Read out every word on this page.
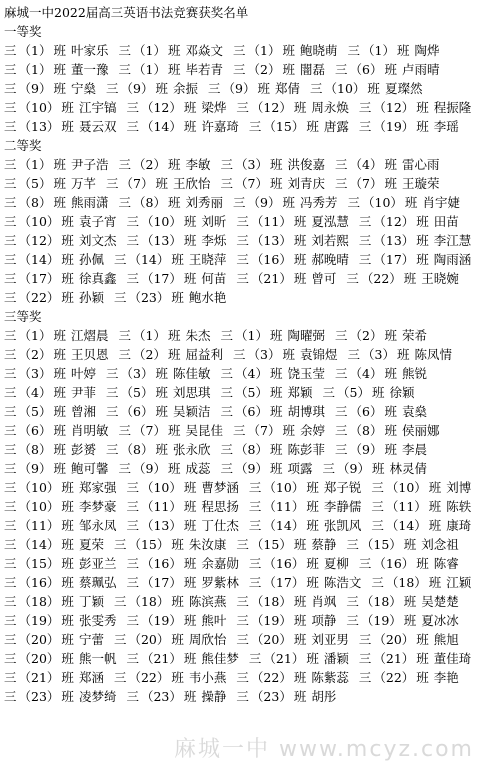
麻城一中2022届高三英语书法竞赛获奖名单
一等奖
三 （1） 班 叶家乐 三 （1） 班 邓焱文 三 （1） 班 鲍晓萌 三 （1） 班 陶烨
三 （1） 班 董一豫 三 （1） 班 毕若青 三 （2） 班 闇磊 三 （6） 班 卢雨晴
三 （9） 班 宁燊 三 （9） 班 余振 三 （9） 班 郑倩 三 （10） 班 夏璨然
三 （10） 班 江宇镐 三 （12） 班 梁烨 三 （12） 班 周永焕 三 （12） 班 程振隆
三 （13） 班 聂云双 三 （14） 班 许嘉琦 三 （15） 班 唐露 三 （19） 班 李瑶
二等奖
三 （1） 班 尹子浩 三 （2） 班 李敏 三 （3） 班 洪俊嘉 三 （4） 班 雷心雨
三 （5） 班 万芊 三 （7） 班 王欣怡 三 （7） 班 刘青庆 三 （7） 班 王璇荣
三 （8） 班 熊雨潇 三 （8） 班 刘秀丽 三 （9） 班 冯秀芳 三 （10） 班 肖宇婕
三 （10） 班 袁子宵 三 （10） 班 刘昕 三 （11） 班 夏泓慧 三 （12） 班 田苗
三 （12） 班 刘文杰 三 （13） 班 李烁 三 （13） 班 刘若熙 三 （13） 班 李江慧
三 （14） 班 孙佩 三 （14） 班 王晓萍 三 （16） 班 郝晚晴 三 （17） 班 陶雨涵
三 （17） 班 徐真鑫 三 （17） 班 何苗 三 （21） 班 曾可 三 （22） 班 王晓婉
三 （22） 班 孙颖 三 （23） 班 鲍水艳
三等奖
三 （1） 班 江熠晨 三 （1） 班 朱杰 三 （1） 班 陶曜弼 三 （2） 班 荣希
三 （2） 班 王贝恩 三 （2） 班 屈益利 三 （3） 班 袁锦煜 三 （3） 班 陈凤情
三 （3） 班 叶婷 三 （3） 班 陈佳敏 三 （4） 班 饶玉莹 三 （4） 班 熊锐
三 （4） 班 尹菲 三 （5） 班 刘思琪 三 （5） 班 郑颖 三 （5） 班 徐颖
三 （5） 班 曾湘 三 （6） 班 吴颖洁 三 （6） 班 胡博琪 三 （6） 班 袁燊
三 （6） 班 肖明敏 三 （7） 班 吴昆佳 三 （7） 班 余婷 三 （8） 班 侯丽娜
三 （8） 班 彭赟 三 （8） 班 张永欣 三 （8） 班 陈彭菲 三 （9） 班 李晨
三 （9） 班 鲍可馨 三 （9） 班 成蕊 三 （9） 班 项露 三 （9） 班 林灵倩
三 （10） 班 郑家强 三 （10） 班 曹梦涵 三 （10） 班 郑子锐 三 （10） 班 刘博
三 （10） 班 李梦豪 三 （11） 班 程思扬 三 （11） 班 李静儒 三 （11） 班 陈轶
三 （11） 班 邹永凤 三 （13） 班 丁仕杰 三 （14） 班 张凯风 三 （14） 班 康琦
三 （14） 班 夏荣 三 （15） 班 朱汝康 三 （15） 班 蔡静 三 （15） 班 刘念祖
三 （15） 班 彭亚兰 三 （16） 班 余嘉勋 三 （16） 班 夏柳 三 （16） 班 陈睿
三 （16） 班 蔡珮弘 三 （17） 班 罗紫林 三 （17） 班 陈浩文 三 （18） 班 江颖
三 （18） 班 丁颖 三 （18） 班 陈滨燕 三 （18） 班 肖飒 三 （18） 班 吴楚楚
三 （19） 班 张雯秀 三 （19） 班 熊叶 三 （19） 班 项静 三 （19） 班 夏冰冰
三 （20） 班 宁蕾 三 （20） 班 周欣怡 三 （20） 班 刘亚男 三 （20） 班 熊旭
三 （20） 班 熊一帆 三 （21） 班 熊佳梦 三 （21） 班 潘颖 三 （21） 班 董佳琦
三 （21） 班 郑涵 三 （22） 班 韦小燕 三 （22） 班 陈紫蕊 三 （22） 班 李艳
三 （23） 班 凌梦绮 三 （23） 班 操静 三 （23） 班 胡彤
麻城一中 www.mcyz.com
